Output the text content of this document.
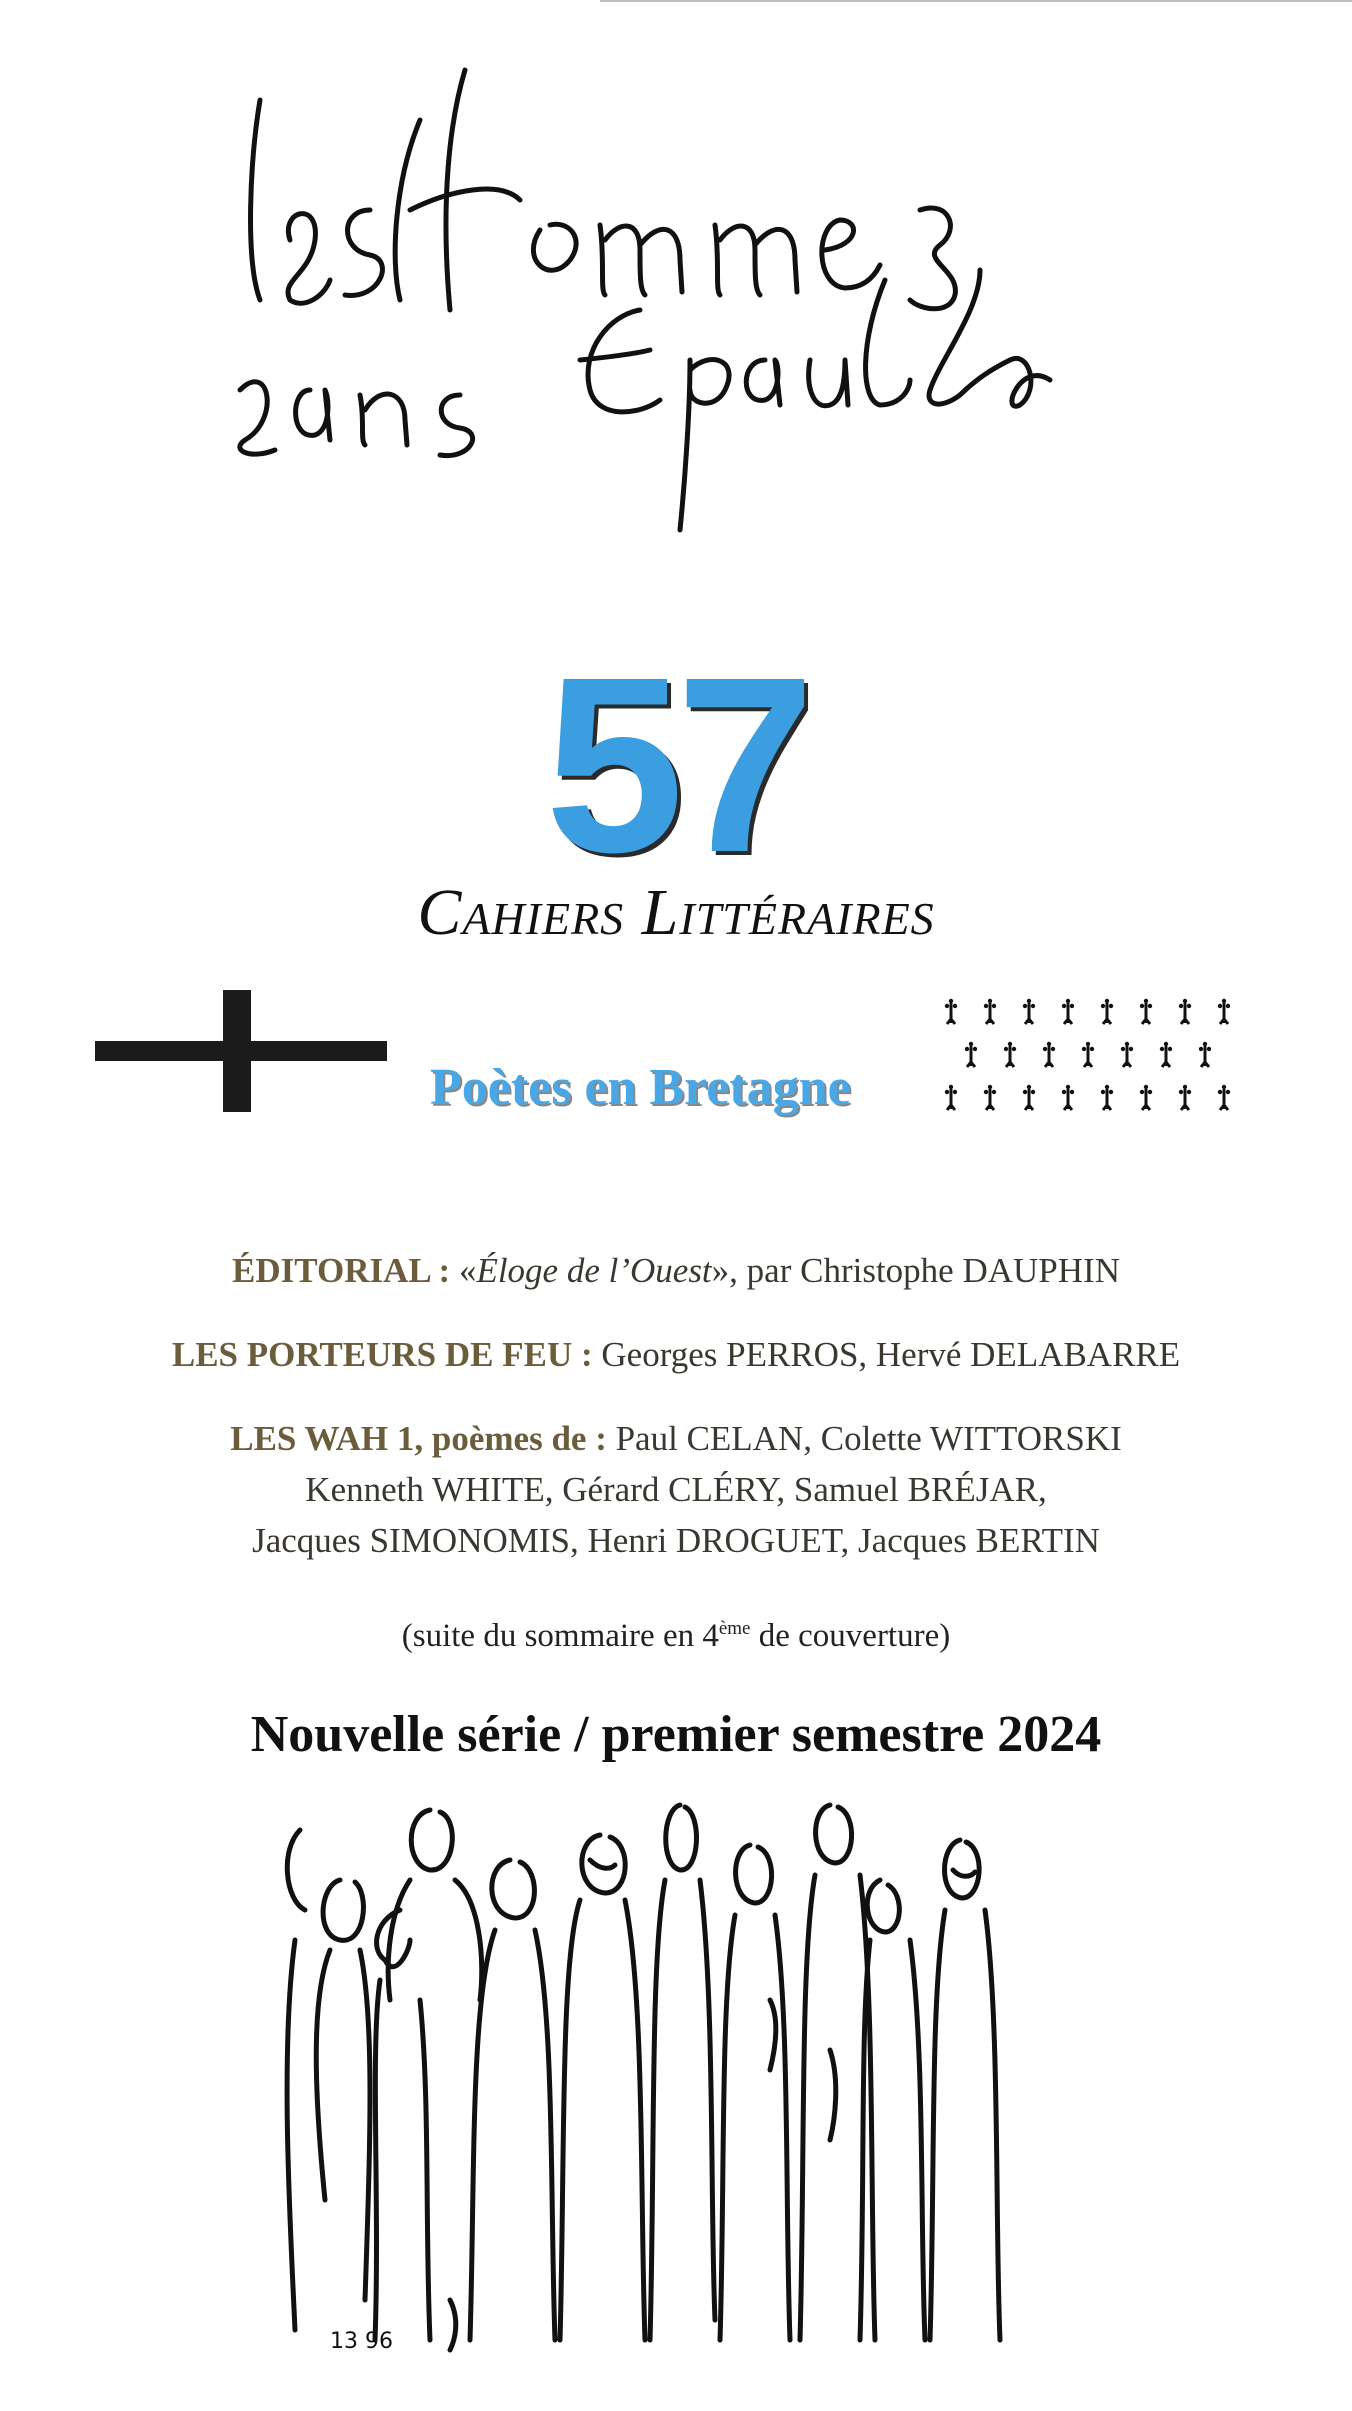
57
Cahiers Littéraires
Poètes en Bretagne

ÉDITORIAL : «Éloge de l’Ouest», par Christophe DAUPHIN

LES PORTEURS DE FEU : Georges PERROS, Hervé DELABARRE

LES WAH 1, poèmes de : Paul CELAN, Colette WITTORSKI
Kenneth WHITE, Gérard CLÉRY, Samuel BRÉJAR,
Jacques SIMONOMIS, Henri DROGUET, Jacques BERTIN

(suite du sommaire en 4ème de couverture)
Nouvelle série / premier semestre 2024
13 96
